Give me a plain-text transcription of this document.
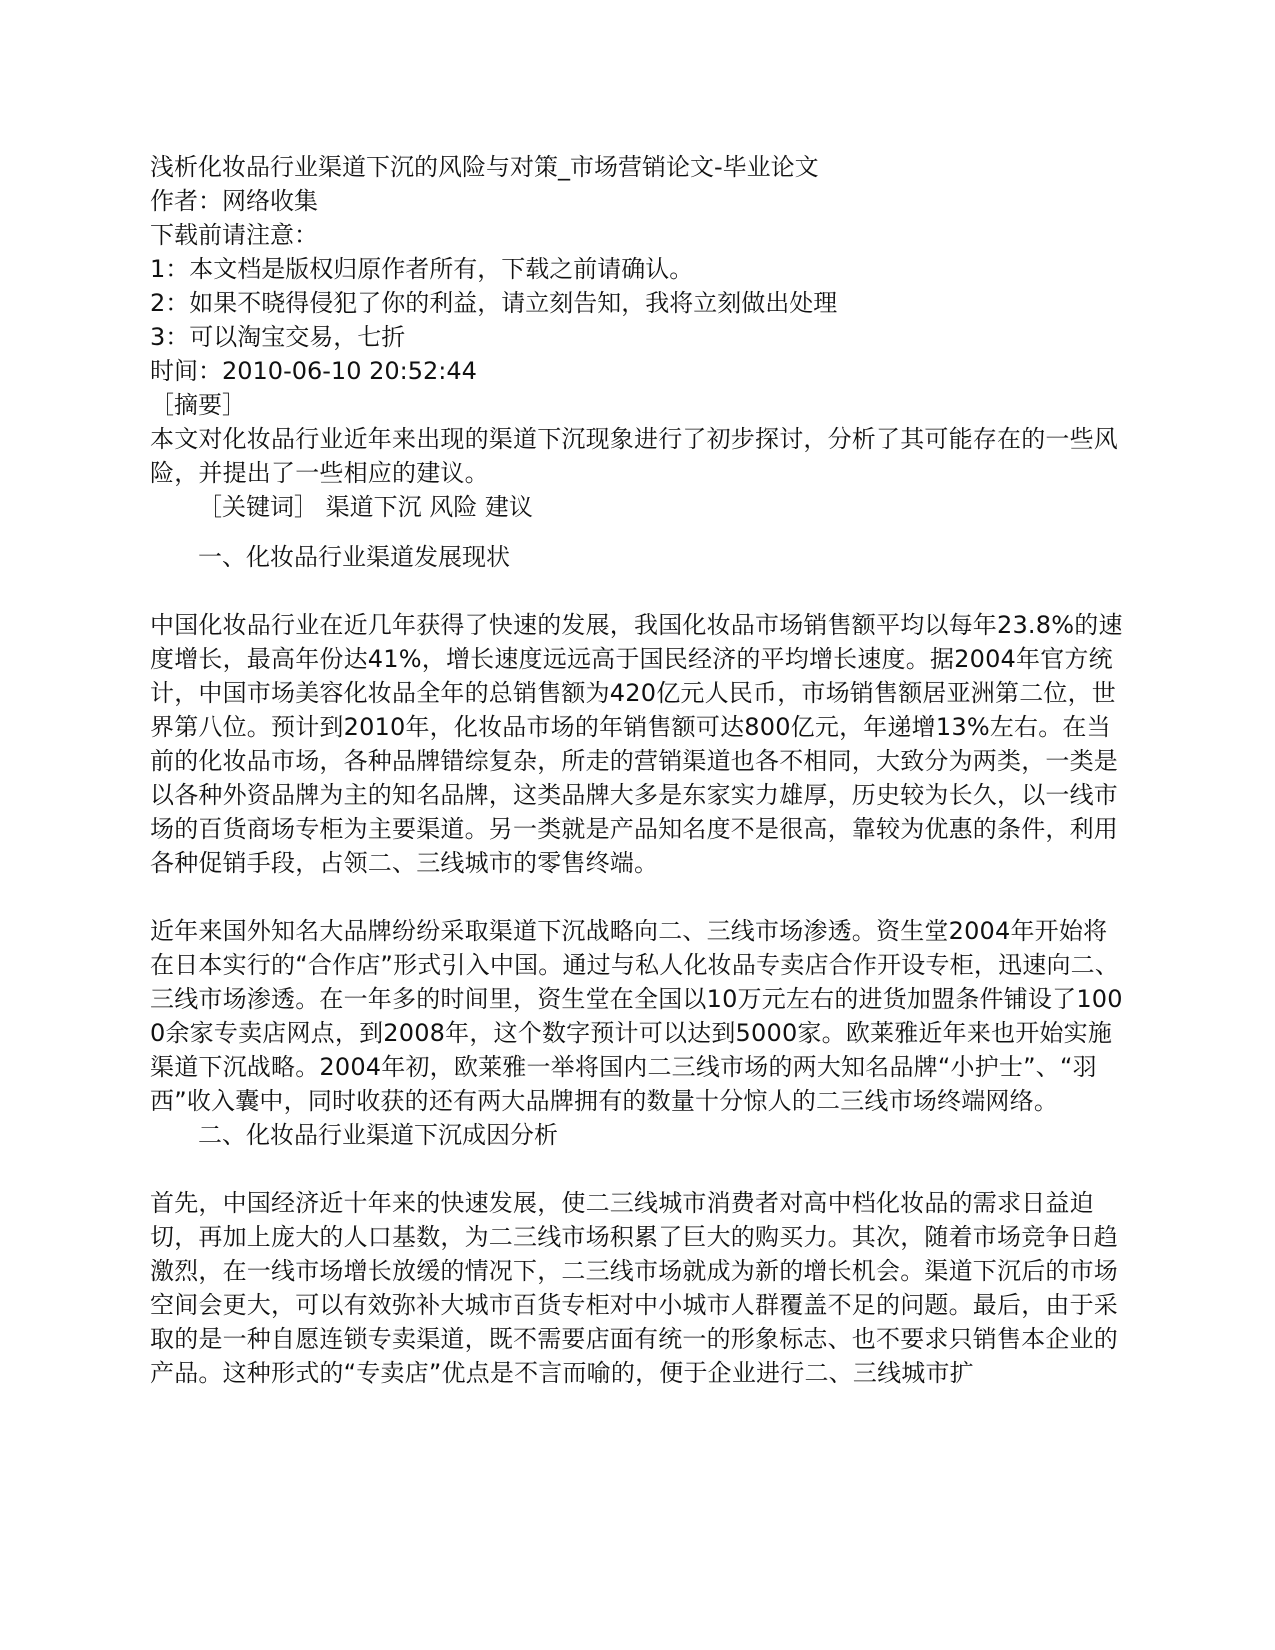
浅析化妆品行业渠道下沉的风险与对策_市场营销论文-毕业论文
作者：网络收集
下载前请注意：
1：本文档是版权归原作者所有，下载之前请确认。
2：如果不晓得侵犯了你的利益，请立刻告知，我将立刻做出处理
3：可以淘宝交易，七折
时间：2010-06-10 20:52:44
［摘要］
本文对化妆品行业近年来出现的渠道下沉现象进行了初步探讨，分析了其可能存在的一些风险，并提出了一些相应的建议。
［关键词］ 渠道下沉 风险 建议
一、化妆品行业渠道发展现状
中国化妆品行业在近几年获得了快速的发展，我国化妆品市场销售额平均以每年23.8%的速度增长，最高年份达41%，增长速度远远高于国民经济的平均增长速度。据2004年官方统计，中国市场美容化妆品全年的总销售额为420亿元人民币，市场销售额居亚洲第二位，世界第八位。预计到2010年，化妆品市场的年销售额可达800亿元，年递增13%左右。在当前的化妆品市场，各种品牌错综复杂，所走的营销渠道也各不相同，大致分为两类，一类是以各种外资品牌为主的知名品牌，这类品牌大多是东家实力雄厚，历史较为长久，以一线市场的百货商场专柜为主要渠道。另一类就是产品知名度不是很高，靠较为优惠的条件，利用各种促销手段，占领二、三线城市的零售终端。
近年来国外知名大品牌纷纷采取渠道下沉战略向二、三线市场渗透。资生堂2004年开始将在日本实行的“合作店”形式引入中国。通过与私人化妆品专卖店合作开设专柜，迅速向二、三线市场渗透。在一年多的时间里，资生堂在全国以10万元左右的进货加盟条件铺设了1000余家专卖店网点，到2008年，这个数字预计可以达到5000家。欧莱雅近年来也开始实施渠道下沉战略。2004年初，欧莱雅一举将国内二三线市场的两大知名品牌“小护士”、“羽西”收入囊中，同时收获的还有两大品牌拥有的数量十分惊人的二三线市场终端网络。
二、化妆品行业渠道下沉成因分析
首先，中国经济近十年来的快速发展，使二三线城市消费者对高中档化妆品的需求日益迫切，再加上庞大的人口基数，为二三线市场积累了巨大的购买力。其次，随着市场竞争日趋激烈，在一线市场增长放缓的情况下，二三线市场就成为新的增长机会。渠道下沉后的市场空间会更大，可以有效弥补大城市百货专柜对中小城市人群覆盖不足的问题。最后，由于采取的是一种自愿连锁专卖渠道，既不需要店面有统一的形象标志、也不要求只销售本企业的产品。这种形式的“专卖店”优点是不言而喻的，便于企业进行二、三线城市扩
